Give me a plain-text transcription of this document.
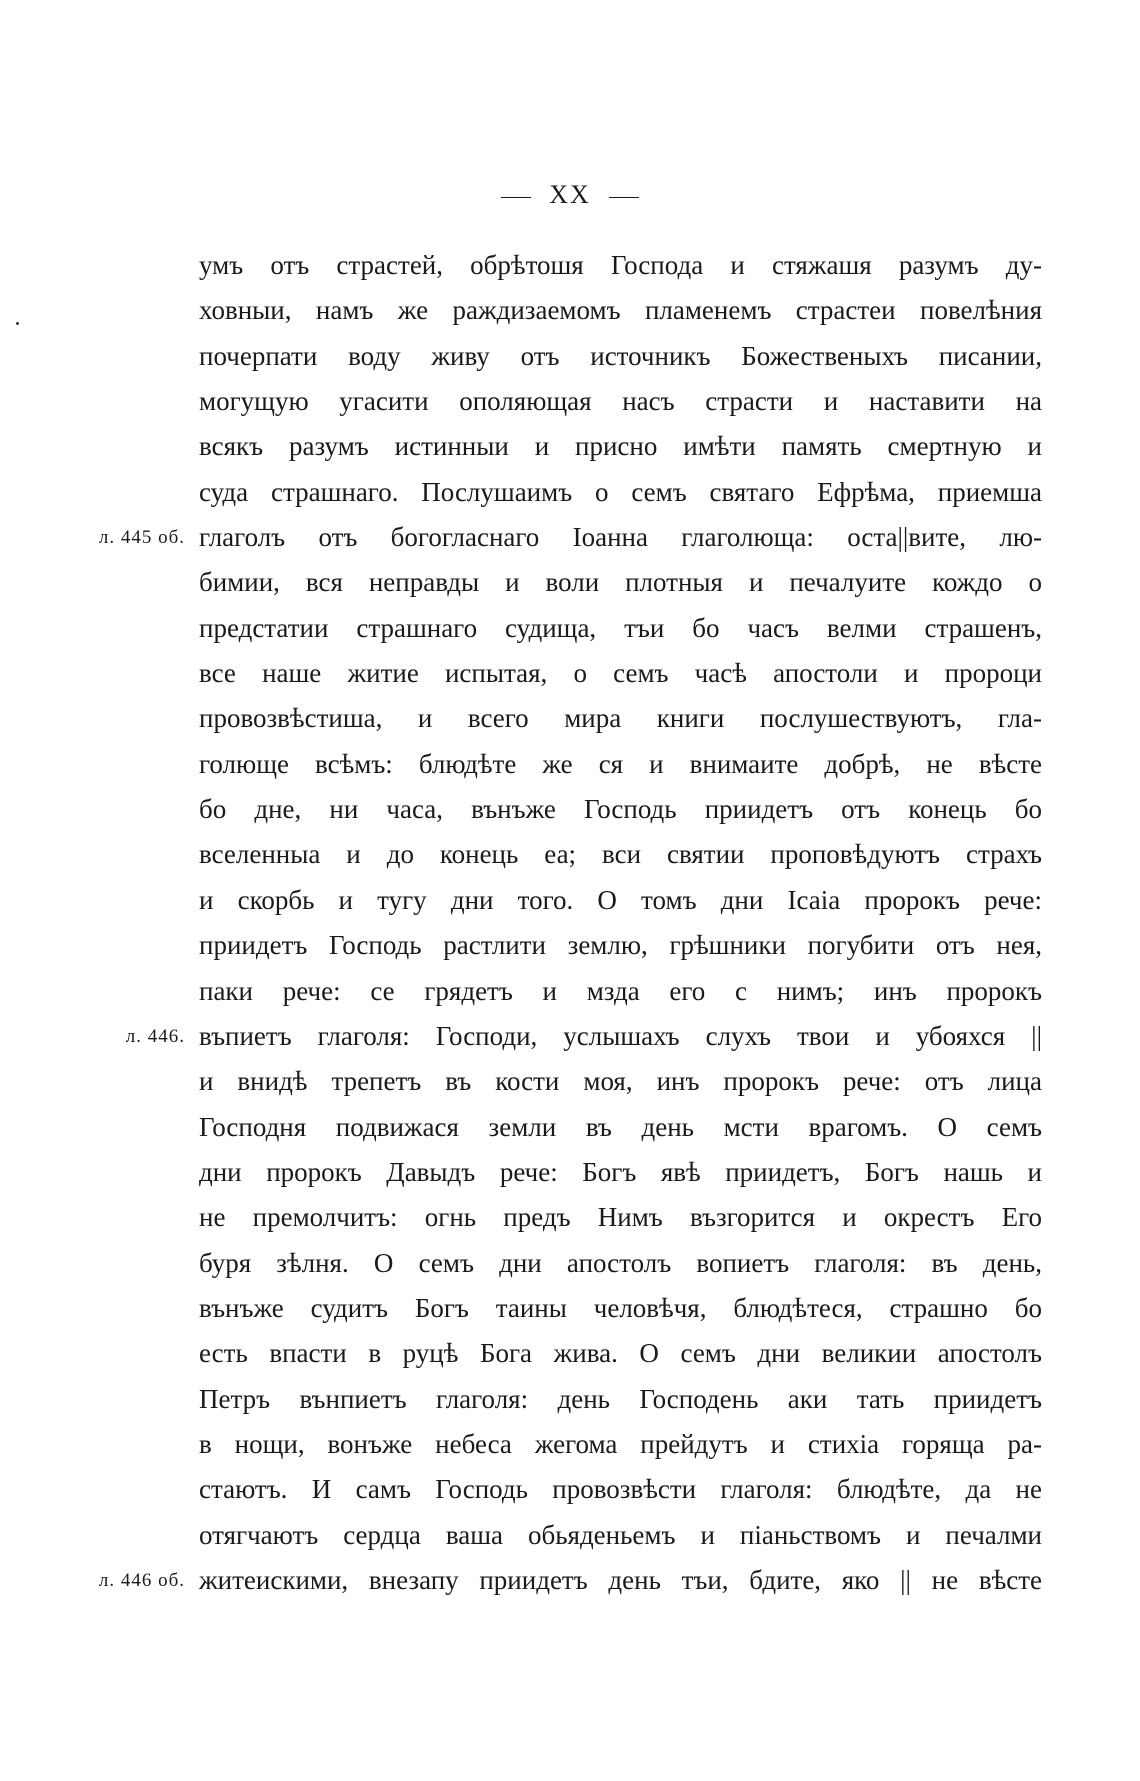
XX
умъ отъ страстей, обрѣтошя Господа и стяжашя разумъ ду-
ховныи, намъ же раждизаемомъ пламенемъ страстеи повелѣния
почерпати воду живу отъ источникъ Божественыхъ писании,
могущую угасити ополяющая насъ страсти и наставити на
всякъ разумъ истинныи и присно имѣти память смертную и
суда страшнаго. Послушаимъ о семъ святаго Ефрѣма, приемша
глаголъ отъ богогласнаго Іоанна глаголюща: оста||вите, лю-
л. 445 об.
бимии, вся неправды и воли плотныя и печалуите кождо о
предстатии страшнаго судища, тъи бо часъ велми страшенъ,
все наше житие испытая, о семъ часѣ апостоли и пророци
провозвѣстиша, и всего мира книги послушествуютъ, гла-
голюще всѣмъ: блюдѣте же ся и внимаите добрѣ, не вѣсте
бо дне, ни часа, вънъже Господь приидетъ отъ конець бо
вселенныа и до конець еа; вси святии проповѣдуютъ страхъ
и скорбь и тугу дни того. О томъ дни Ісаіа пророкъ рече:
приидетъ Господь растлити землю, грѣшники погубити отъ нея,
паки рече: се грядетъ и мзда его с нимъ; инъ пророкъ
въпиетъ глаголя: Господи, услышахъ слухъ твои и убояхся ||
л. 446.
и внидѣ трепетъ въ кости моя, инъ пророкъ рече: отъ лица
Господня подвижася земли въ день мсти врагомъ. О семъ
дни пророкъ Давыдъ рече: Богъ явѣ приидетъ, Богъ нашь и
не премолчитъ: огнь предъ Нимъ възгорится и окрестъ Его
буря зѣлня. О семъ дни апостолъ вопиетъ глаголя: въ день,
вънъже судитъ Богъ таины человѣчя, блюдѣтеся, страшно бо
есть впасти в руцѣ Бога жива. О семъ дни великии апостолъ
Петръ вънпиетъ глаголя: день Господень аки тать приидетъ
в нощи, вонъже небеса жегома прейдутъ и стихіа горяща ра-
стаютъ. И самъ Господь провозвѣсти глаголя: блюдѣте, да не
отягчаютъ сердца ваша обьяденьемъ и піаньствомъ и печалми
житеискими, внезапу приидетъ день тъи, бдите, яко || не вѣсте
л. 446 об.
